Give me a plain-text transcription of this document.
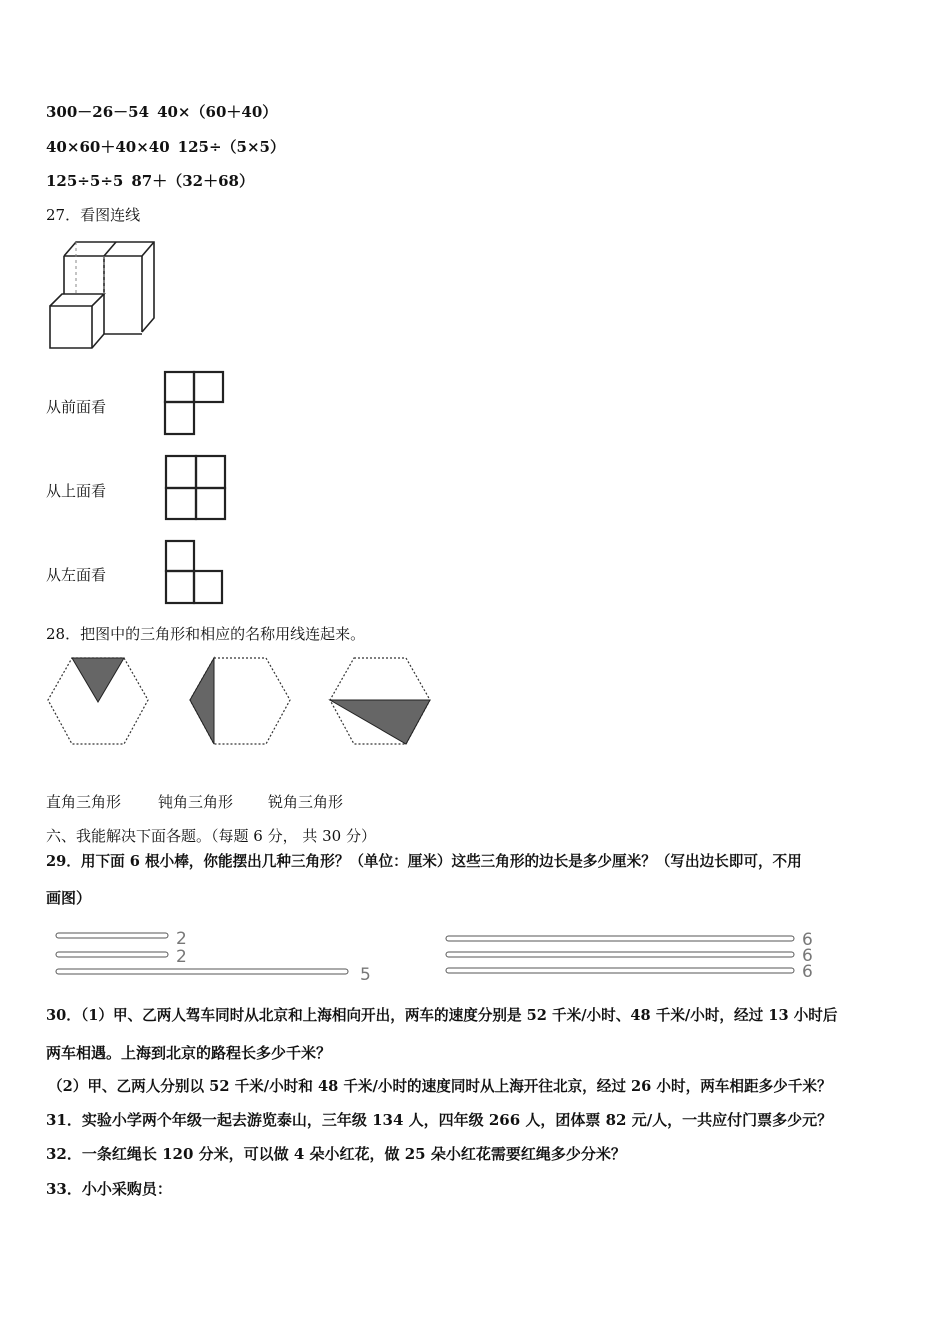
300－26－54 40×（60＋40）
40×60＋40×40 125÷（5×5）
125÷5÷5 87＋（32＋68）
27．看图连线
从前面看
从上面看
从左面看
28．把图中的三角形和相应的名称用线连起来。
直角三角形 钝角三角形 锐角三角形
六、我能解决下面各题。（每题 6 分， 共 30 分）
29．用下面 6 根小棒，你能摆出几种三角形？（单位：厘米）这些三角形的边长是多少厘米？（写出边长即可，不用
画图）
2
2
5
6
6
6
30．（1）甲、乙两人驾车同时从北京和上海相向开出，两车的速度分别是 52 千米/小时、48 千米/小时，经过 13 小时后
两车相遇。上海到北京的路程长多少千米？
（2）甲、乙两人分别以 52 千米/小时和 48 千米/小时的速度同时从上海开往北京，经过 26 小时，两车相距多少千米？
31．实验小学两个年级一起去游览泰山，三年级 134 人，四年级 266 人，团体票 82 元/人，一共应付门票多少元？
32．一条红绳长 120 分米，可以做 4 朵小红花，做 25 朵小红花需要红绳多少分米？
33．小小采购员：
